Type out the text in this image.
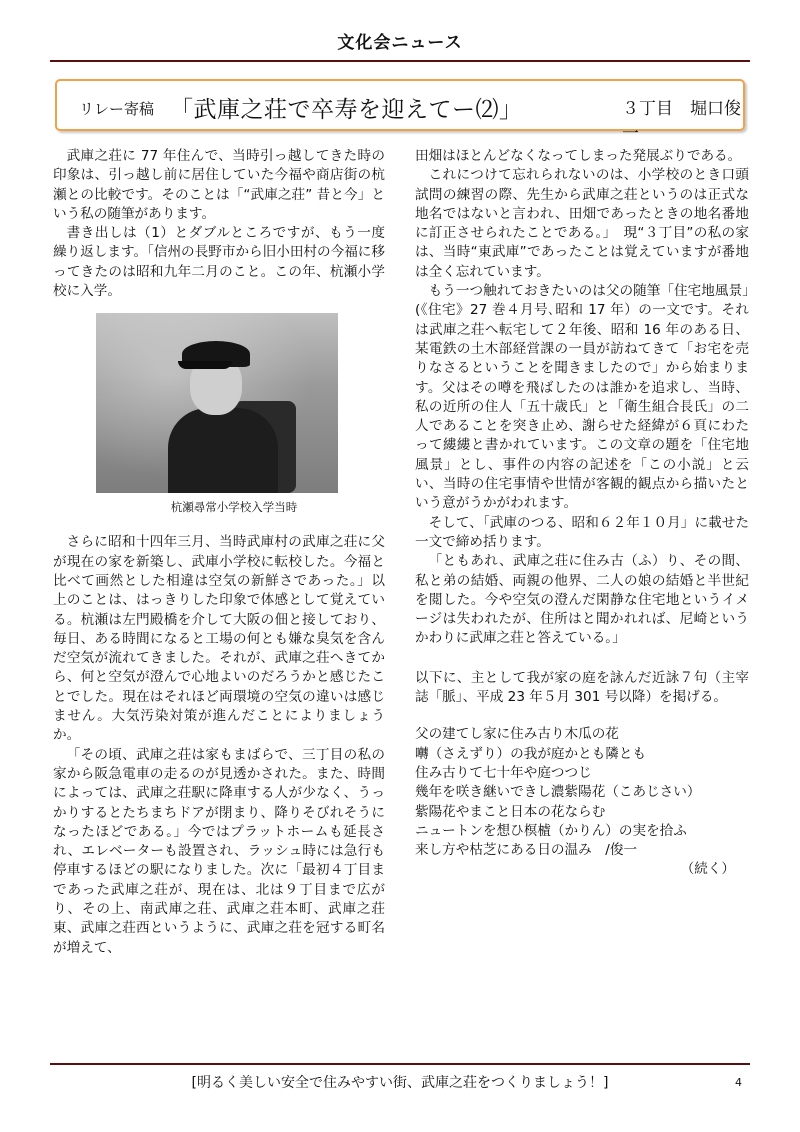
文化会ニュース
リレー寄稿 「武庫之荘で卒寿を迎えてー⑵」	３丁目　堀口俊一

武庫之荘に 77 年住んで、当時引っ越してきた時の印象は、引っ越し前に居住していた今福や商店街の杭瀬との比較です。そのことは「“武庫之荘” 昔と今」という私の随筆があります。

書き出しは（1）とダブルところですが、もう一度繰り返します。「信州の長野市から旧小田村の今福に移ってきたのは昭和九年二月のこと。この年、杭瀬小学校に入学。

杭瀬尋常小学校入学当時

さらに昭和十四年三月、当時武庫村の武庫之荘に父が現在の家を新築し、武庫小学校に転校した。今福と比べて画然とした相違は空気の新鮮さであった。」以上のことは、はっきりした印象で体感として覚えている。杭瀬は左門殿橋を介して大阪の佃と接しており、毎日、ある時間になると工場の何とも嫌な臭気を含んだ空気が流れてきました。それが、武庫之荘へきてから、何と空気が澄んで心地よいのだろうかと感じたことでした。現在はそれほど両環境の空気の違いは感じません。大気汚染対策が進んだことによりましょうか。

「その頃、武庫之荘は家もまばらで、三丁目の私の家から阪急電車の走るのが見透かされた。また、時間によっては、武庫之荘駅に降車する人が少なく、うっかりするとたちまちドアが閉まり、降りそびれそうになったほどである。」今ではプラットホームも延長され、エレベーターも設置され、ラッシュ時には急行も停車するほどの駅になりました。次に「最初４丁目まであった武庫之荘が、現在は、北は９丁目まで広がり、その上、南武庫之荘、武庫之荘本町、武庫之荘東、武庫之荘西というように、武庫之荘を冠する町名が増えて、

田畑はほとんどなくなってしまった発展ぶりである。

これにつけて忘れられないのは、小学校のとき口頭試問の練習の際、先生から武庫之荘というのは正式な地名ではないと言われ、田畑であったときの地名番地に訂正させられたことである。」　現“３丁目”の私の家は、当時“東武庫”であったことは覚えていますが番地は全く忘れています。

もう一つ触れておきたいのは父の随筆「住宅地風景」(《住宅》27 巻４月号､昭和 17 年）の一文です。それは武庫之荘へ転宅して２年後、昭和 16 年のある日、某電鉄の土木部経営課の一員が訪ねてきて「お宅を売りなさるということを聞きましたので」から始まります。父はその噂を飛ばしたのは誰かを追求し、当時、私の近所の住人「五十歳氏」と「衛生組合長氏」の二人であることを突き止め、謝らせた経緯が６頁にわたって縷縷と書かれています。この文章の題を「住宅地風景」とし、事件の内容の記述を「この小説」と云い、当時の住宅事情や世情が客観的観点から描いたという意がうかがわれます。

そして、「武庫のつる、昭和６２年１０月」に載せた一文で締め括ります。

「ともあれ、武庫之荘に住み古（ふ）り、その間、私と弟の結婚、両親の他界、二人の娘の結婚と半世紀を閲した。今や空気の澄んだ閑静な住宅地というイメージは失われたが、住所はと聞かれれば、尼崎というかわりに武庫之荘と答えている。」

以下に、主として我が家の庭を詠んだ近詠７句（主宰誌「脈」、平成 23 年５月 301 号以降）を掲げる。

父の建てし家に住み古り木瓜の花

囀（さえずり）の我が庭かとも隣とも

住み古りて七十年や庭つつじ

幾年を咲き継いできし濃紫陽花（こあじさい）

紫陽花やまこと日本の花ならむ

ニュートンを想ひ榠樝（かりん）の実を拾ふ

来し方や枯芝にある日の温み　/俊一

（続く）
[明るく美しい安全で住みやすい街、武庫之荘をつくりましょう！]	4
